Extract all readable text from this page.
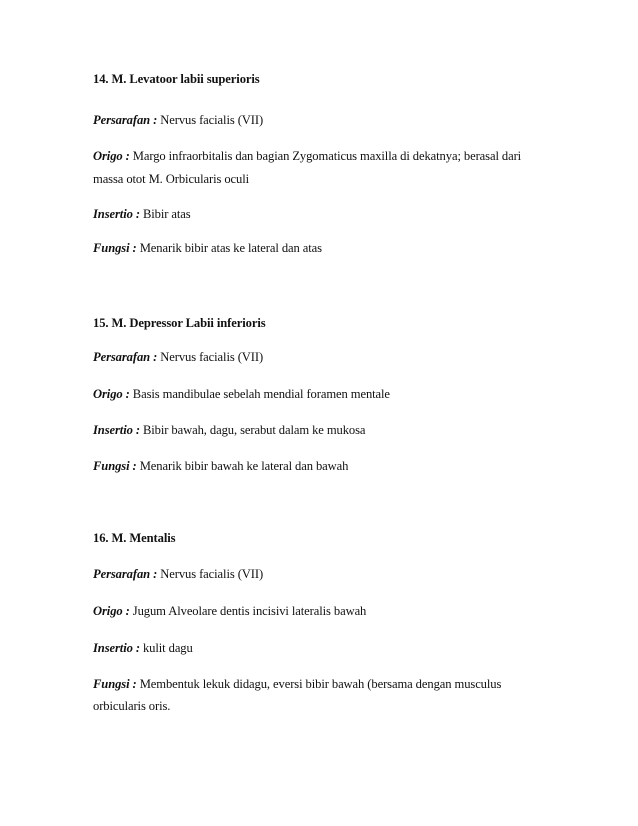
14. M. Levatoor labii superioris
Persarafan : Nervus facialis (VII)
Origo : Margo infraorbitalis dan bagian Zygomaticus maxilla di dekatnya; berasal dari
massa otot M. Orbicularis oculi
Insertio : Bibir atas
Fungsi : Menarik bibir atas ke lateral dan atas
15. M. Depressor Labii inferioris
Persarafan : Nervus facialis (VII)
Origo : Basis mandibulae sebelah mendial foramen mentale
Insertio : Bibir bawah, dagu, serabut dalam ke mukosa
Fungsi : Menarik bibir bawah ke lateral dan bawah
16. M. Mentalis
Persarafan : Nervus facialis (VII)
Origo : Jugum Alveolare dentis incisivi lateralis bawah
Insertio : kulit dagu
Fungsi : Membentuk lekuk didagu, eversi bibir bawah (bersama dengan musculus
orbicularis oris.
